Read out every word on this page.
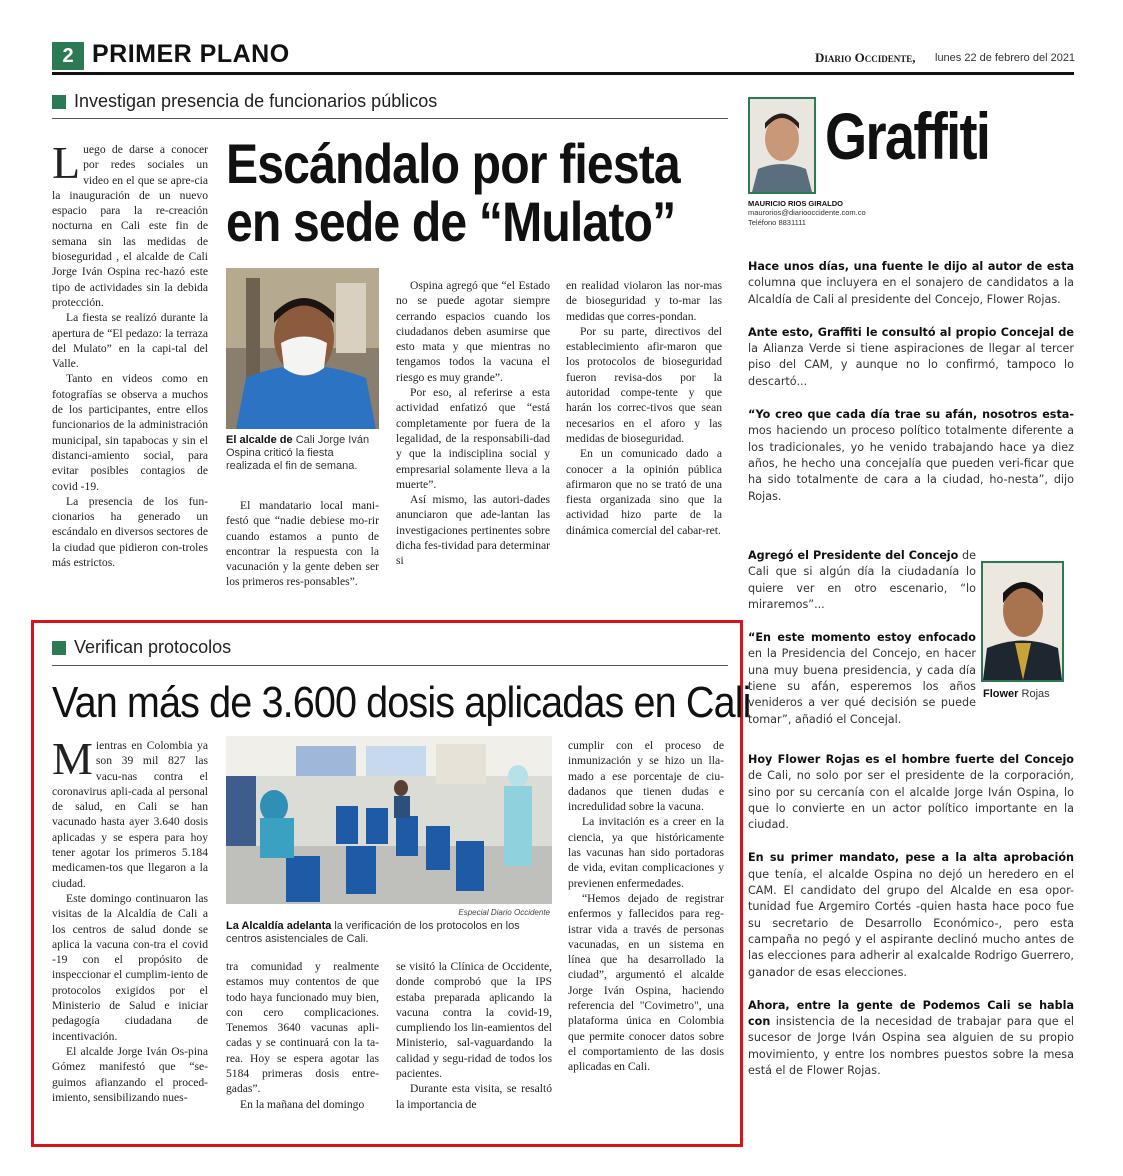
2 PRIMER PLANO	Diario Occidente, lunes 22 de febrero del 2021
Investigan presencia de funcionarios públicos
Escándalo por fiesta
en sede de “Mulato”
L uego de darse a conocer por redes sociales un video en el que se apre-cia la inauguración de un nuevo espacio para la re-creación nocturna en Cali este fin de semana sin las medidas de bioseguridad , el alcalde de Cali Jorge Iván Ospina rec-hazó este tipo de actividades sin la debida protección.

La fiesta se realizó durante la apertura de “El pedazo: la terraza del Mulato” en la capi-tal del Valle.

Tanto en videos como en fotografías se observa a muchos de los participantes, entre ellos funcionarios de la administración municipal, sin tapabocas y sin el distanci-amiento social, para evitar posibles contagios de covid -19.

La presencia de los fun-cionarios ha generado un escándalo en diversos sectores de la ciudad que pidieron con-troles más estrictos.

El alcalde de Cali Jorge Iván Ospina criticó la fiesta realizada el fin de semana.

El mandatario local mani-festó que “nadie debiese mo-rir cuando estamos a punto de encontrar la respuesta con la vacunación y la gente deben ser los primeros res-ponsables”.

Ospina agregó que “el Estado no se puede agotar siempre cerrando espacios cuando los ciudadanos deben asumirse que esto mata y que mientras no tengamos todos la vacuna el riesgo es muy grande”.

Por eso, al referirse a esta actividad enfatizó que “está completamente por fuera de la legalidad, de la responsabili-dad y que la indisciplina social y empresarial solamente lleva a la muerte”.

Así mismo, las autori-dades anunciaron que ade-lantan las investigaciones pertinentes sobre dicha fes-tividad para determinar si

en realidad violaron las nor-mas de bioseguridad y to-mar las medidas que corres-pondan.

Por su parte, directivos del establecimiento afir-maron que los protocolos de bioseguridad fueron revisa-dos por la autoridad compe-tente y que harán los correc-tivos que sean necesarios en el aforo y las medidas de bioseguridad.

En un comunicado dado a conocer a la opinión pública afirmaron que no se trató de una fiesta organizada sino que la actividad hizo parte de la dinámica comercial del cabar-ret.

Verifican protocolos
Van más de 3.600 dosis aplicadas en Cali
M ientras en Colombia ya son 39 mil 827 las vacu-nas contra el coronavirus apli-cada al personal de salud, en Cali se han vacunado hasta ayer 3.640 dosis aplicadas y se espera para hoy tener agotar los primeros 5.184 medicamen-tos que llegaron a la ciudad.

Este domingo continuaron las visitas de la Alcaldía de Cali a los centros de salud donde se aplica la vacuna con-tra el covid -19 con el propósito de inspeccionar el cumplim-iento de protocolos exigidos por el Ministerio de Salud e iniciar pedagogía ciudadana de incentivación.

El alcalde Jorge Iván Os-pina Gómez manifestó que “se-guimos afianzando el proced-imiento, sensibilizando nues-

Especial Diario Occidente
La Alcaldía adelanta la verificación de los protocolos en los centros asistenciales de Cali.

tra comunidad y realmente estamos muy contentos de que todo haya funcionado muy bien, con cero complicaciones. Tenemos 3640 vacunas apli-cadas y se continuará con la ta-rea. Hoy se espera agotar las 5184 primeras dosis entre-gadas”.

En la mañana del domingo

se visitó la Clínica de Occidente, donde comprobó que la IPS estaba preparada aplicando la vacuna contra la covid-19, cumpliendo los lin-eamientos del Ministerio, sal-vaguardando la calidad y segu-ridad de todos los pacientes.

Durante esta visita, se resaltó la importancia de

cumplir con el proceso de inmunización y se hizo un lla-mado a ese porcentaje de ciu-dadanos que tienen dudas e incredulidad sobre la vacuna.

La invitación es a creer en la ciencia, ya que históricamente las vacunas han sido portadoras de vida, evitan complicaciones y previenen enfermedades.

“Hemos dejado de registrar enfermos y fallecidos para reg-istrar vida a través de personas vacunadas, en un sistema en línea que ha desarrollado la ciudad”, argumentó el alcalde Jorge Iván Ospina, haciendo referencia del "Covimetro", una plataforma única en Colombia que permite conocer datos sobre el comportamiento de las dosis aplicadas en Cali.

Graffiti
MAURICIO RIOS GIRALDO
maurorios@diariooccidente.com.co
Teléfono 8831111

Hace unos días, una fuente le dijo al autor de esta columna que incluyera en el sonajero de candidatos a la Alcaldía de Cali al presidente del Concejo, Flower Rojas.

Ante esto, Graffiti le consultó al propio Concejal de la Alianza Verde si tiene aspiraciones de llegar al tercer piso del CAM, y aunque no lo confirmó, tampoco lo descartó...

“Yo creo que cada día trae su afán, nosotros esta- mos haciendo un proceso político totalmente diferente a los tradicionales, yo he venido trabajando hace ya diez años, he hecho una concejalía que pueden veri-ficar que ha sido totalmente de cara a la ciudad, ho-nesta”, dijo Rojas.

Agregó el Presidente del Concejo de Cali que si algún día la ciudadanía lo quiere ver en otro escenario, “lo miraremos”...

“En este momento estoy enfocado en la Presidencia del Concejo, en hacer una muy buena presidencia, y cada día tiene su afán, esperemos los años venideros a ver qué decisión se puede tomar”, añadió el Concejal.

Flower Rojas

Hoy Flower Rojas es el hombre fuerte del Concejo de Cali, no solo por ser el presidente de la corporación, sino por su cercanía con el alcalde Jorge Iván Ospina, lo que lo convierte en un actor político importante en la ciudad.

En su primer mandato, pese a la alta aprobación que tenía, el alcalde Ospina no dejó un heredero en el CAM. El candidato del grupo del Alcalde en esa opor-tunidad fue Argemiro Cortés -quien hasta hace poco fue su secretario de Desarrollo Económico-, pero esta campaña no pegó y el aspirante declinó mucho antes de las elecciones para adherir al exalcalde Rodrigo Guerrero, ganador de esas elecciones.

Ahora, entre la gente de Podemos Cali se habla con insistencia de la necesidad de trabajar para que el sucesor de Jorge Iván Ospina sea alguien de su propio movimiento, y entre los nombres puestos sobre la mesa está el de Flower Rojas.
